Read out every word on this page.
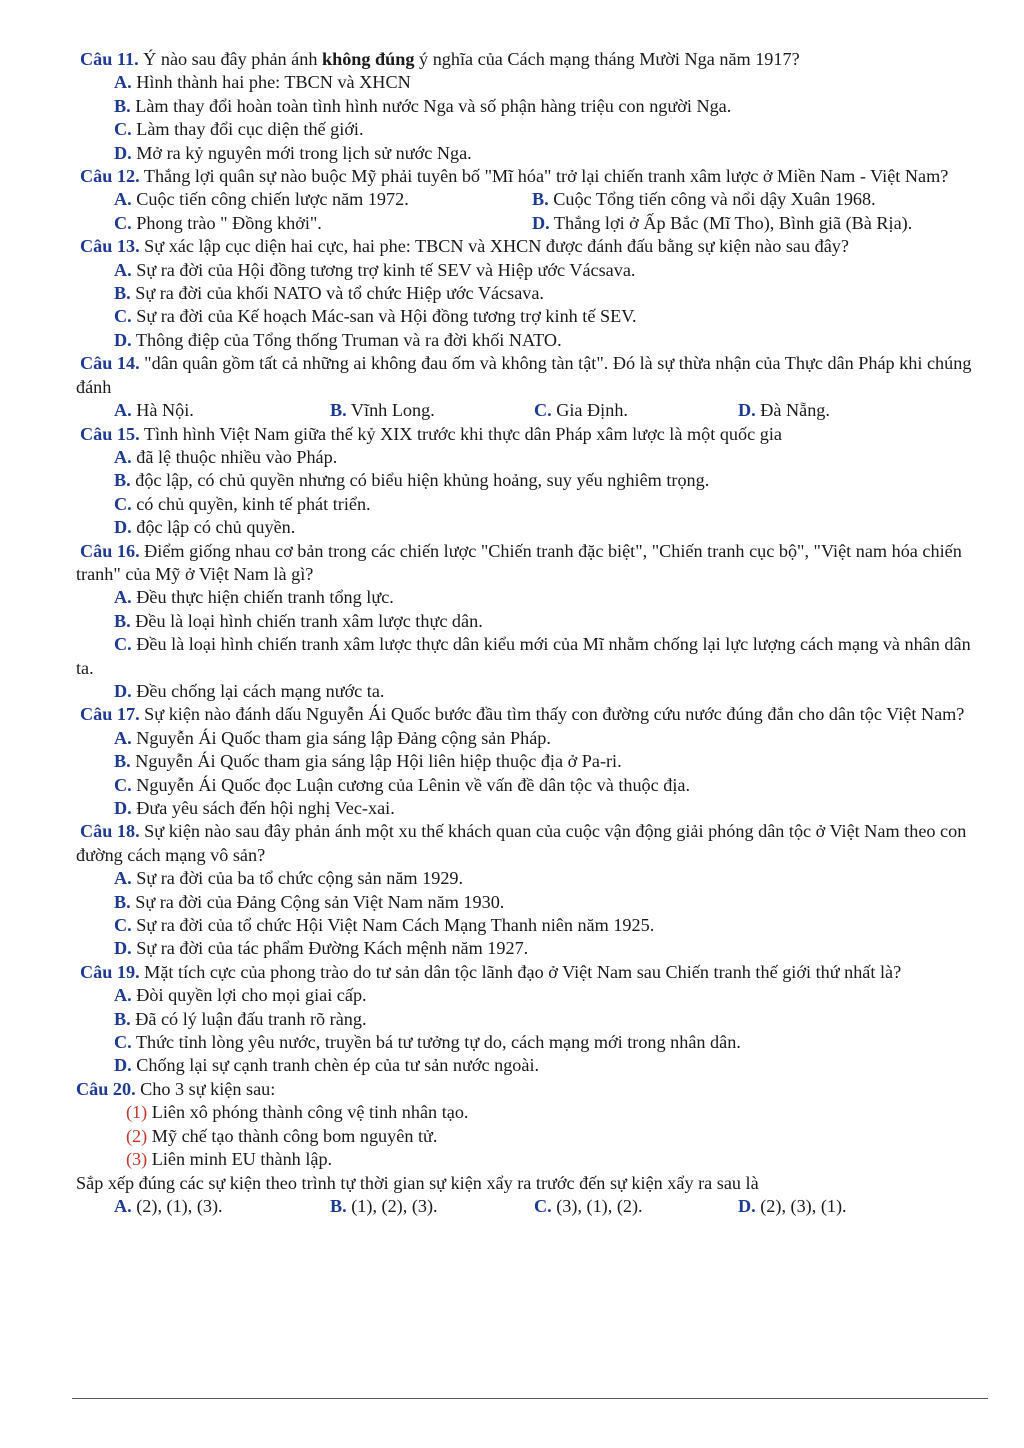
Câu 11. Ý nào sau đây phản ánh không đúng ý nghĩa của Cách mạng tháng Mười Nga năm 1917?

A. Hình thành hai phe: TBCN và XHCN
B. Làm thay đổi hoàn toàn tình hình nước Nga và số phận hàng triệu con người Nga.
C. Làm thay đổi cục diện thế giới.
D. Mở ra kỷ nguyên mới trong lịch sử nước Nga.

Câu 12. Thắng lợi quân sự nào buộc Mỹ phải tuyên bố "Mĩ hóa" trở lại chiến tranh xâm lược ở Miền Nam - Việt Nam?

A. Cuộc tiến công chiến lược năm 1972.	B. Cuộc Tổng tiến công và nổi dậy Xuân 1968.
C. Phong trào " Đồng khởi".	D. Thắng lợi ở Ấp Bắc (Mĩ Tho), Bình giã (Bà Rịa).

Câu 13. Sự xác lập cục diện hai cực, hai phe: TBCN và XHCN được đánh đấu bằng sự kiện nào sau đây?

A. Sự ra đời của Hội đồng tương trợ kinh tế SEV và Hiệp ước Vácsava.
B. Sự ra đời của khối NATO và tổ chức Hiệp ước Vácsava.
C. Sự ra đời của Kế hoạch Mác-san và Hội đồng tương trợ kinh tế SEV.
D. Thông điệp của Tổng thống Truman và ra đời khối NATO.

Câu 14. "dân quân gồm tất cả những ai không đau ốm và không tàn tật". Đó là sự thừa nhận của Thực dân Pháp khi chúng đánh

A. Hà Nội.	B. Vĩnh Long.	C. Gia Định.	D. Đà Nẵng.

Câu 15. Tình hình Việt Nam giữa thế kỷ XIX trước khi thực dân Pháp xâm lược là một quốc gia

A. đã lệ thuộc nhiều vào Pháp.
B. độc lập, có chủ quyền nhưng có biểu hiện khủng hoảng, suy yếu nghiêm trọng.
C. có chủ quyền, kinh tế phát triển.
D. độc lập có chủ quyền.

Câu 16. Điểm giống nhau cơ bản trong các chiến lược "Chiến tranh đặc biệt", "Chiến tranh cục bộ", "Việt nam hóa chiến tranh" của Mỹ ở Việt Nam là gì?

A. Đều thực hiện chiến tranh tổng lực.
B. Đều là loại hình chiến tranh xâm lược thực dân.
C. Đều là loại hình chiến tranh xâm lược thực dân kiểu mới của Mĩ nhằm chống lại lực lượng cách mạng và nhân dân ta.
D. Đều chống lại cách mạng nước ta.

Câu 17. Sự kiện nào đánh dấu Nguyễn Ái Quốc bước đầu tìm thấy con đường cứu nước đúng đắn cho dân tộc Việt Nam?

A. Nguyễn Ái Quốc tham gia sáng lập Đảng cộng sản Pháp.
B. Nguyễn Ái Quốc tham gia sáng lập Hội liên hiệp thuộc địa ở Pa-ri.
C. Nguyễn Ái Quốc đọc Luận cương của Lênin về vấn đề dân tộc và thuộc địa.
D. Đưa yêu sách đến hội nghị Vec-xai.

Câu 18. Sự kiện nào sau đây phản ánh một xu thế khách quan của cuộc vận động giải phóng dân tộc ở Việt Nam theo con đường cách mạng vô sản?

A. Sự ra đời của ba tổ chức cộng sản năm 1929.
B. Sự ra đời của Đảng Cộng sản Việt Nam năm 1930.
C. Sự ra đời của tổ chức Hội Việt Nam Cách Mạng Thanh niên năm 1925.
D. Sự ra đời của tác phẩm Đường Kách mệnh năm 1927.

Câu 19. Mặt tích cực của phong trào do tư sản dân tộc lãnh đạo ở Việt Nam sau Chiến tranh thế giới thứ nhất là?

A. Đòi quyền lợi cho mọi giai cấp.
B. Đã có lý luận đấu tranh rõ ràng.
C. Thức tỉnh lòng yêu nước, truyền bá tư tưởng tự do, cách mạng mới trong nhân dân.
D. Chống lại sự cạnh tranh chèn ép của tư sản nước ngoài.

Câu 20. Cho 3 sự kiện sau:

(1) Liên xô phóng thành công vệ tinh nhân tạo.
(2) Mỹ chế tạo thành công bom nguyên tử.
(3) Liên minh EU thành lập.

Sắp xếp đúng các sự kiện theo trình tự thời gian sự kiện xẩy ra trước đến sự kiện xẩy ra sau là

A. (2), (1), (3).	B. (1), (2), (3).	C. (3), (1), (2).	D. (2), (3), (1).
